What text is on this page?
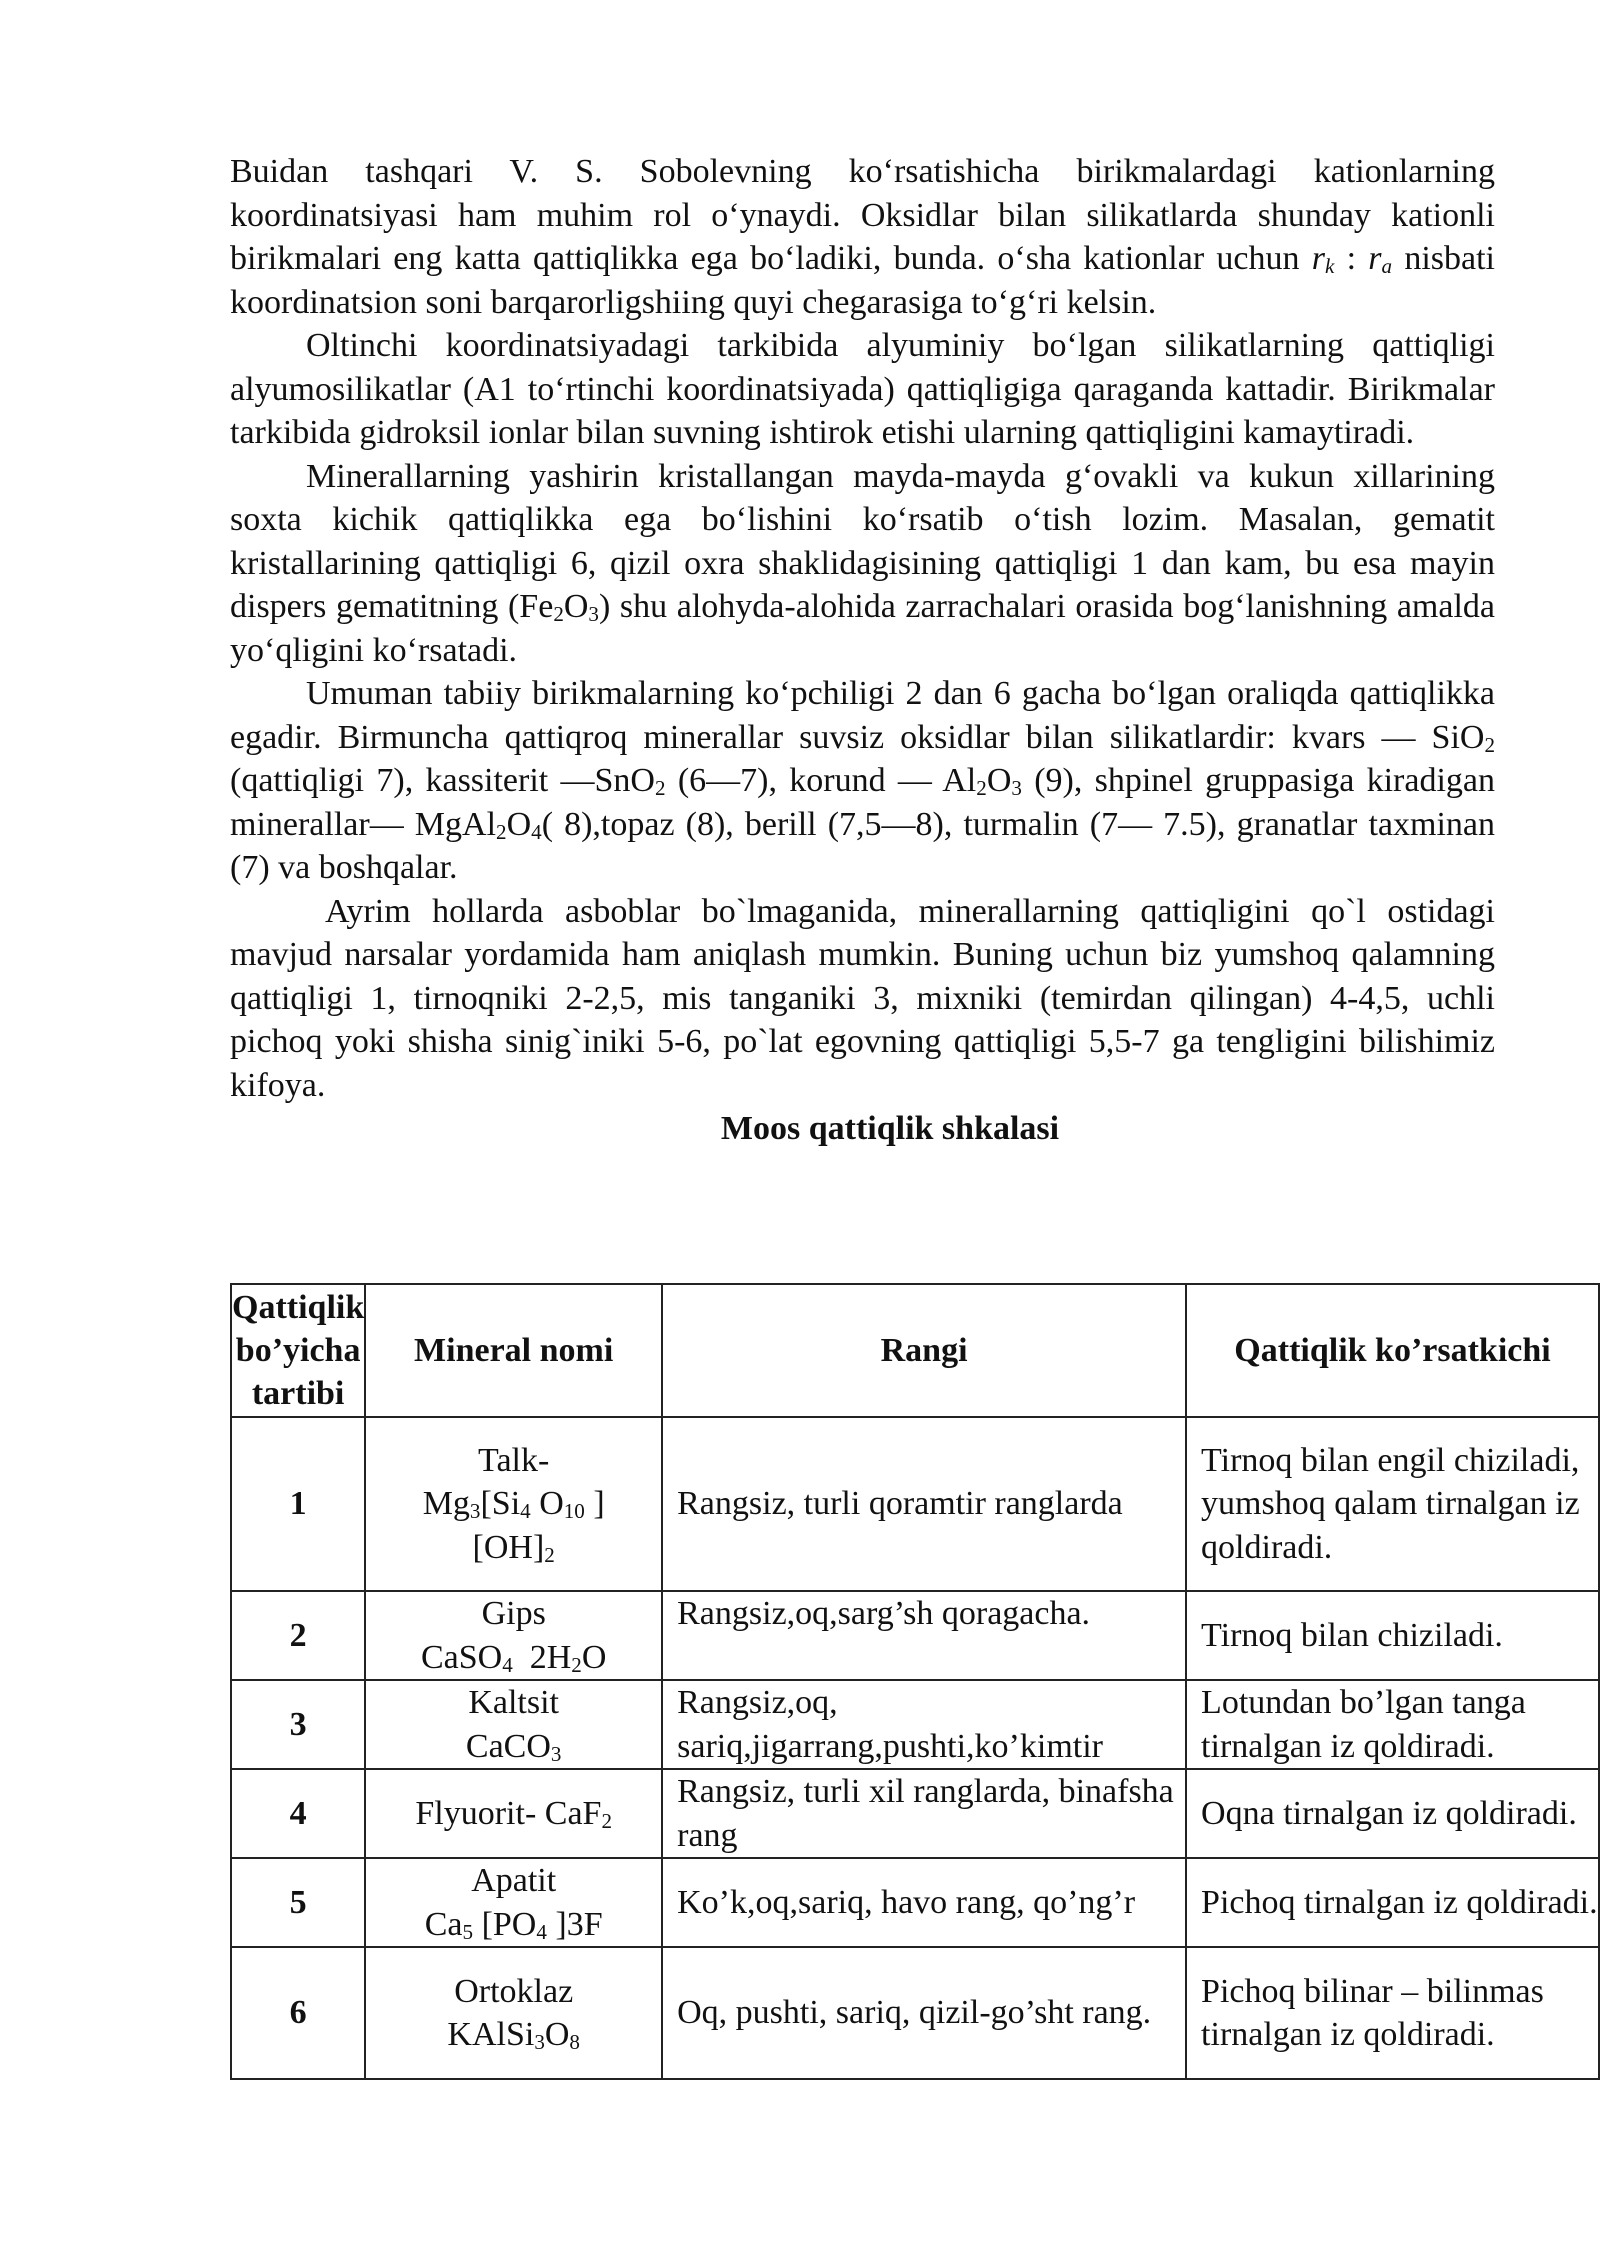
Buidan tashqari V. S. Sobolevning koʻrsatishicha birikmalardagi kationlarning koordinatsiyasi ham muhim rol oʻynaydi. Oksidlar bilan silikatlarda shunday kationli birikmalari eng katta qattiqlikka ega boʻladiki, bunda. oʻsha kationlar uchun $r_k$ : $r_a$ nisbati koordinatsion soni barqarorligshiing quyi chegarasiga toʻgʻri kelsin.

Oltinchi koordinatsiyadagi tarkibida alyuminiy boʻlgan silikatlarning qattiqligi alyumosilikatlar (A1 toʻrtinchi koordinatsiyada) qattiqligiga qaraganda kattadir. Birikmalar tarkibida gidroksil ionlar bilan suvning ishtirok etishi ularning qattiqligini kamaytiradi.

Minerallarning yashirin kristallangan mayda-mayda gʻovakli va kukun xillarining soxta kichik qattiqlikka ega boʻlishini koʻrsatib oʻtish lozim. Masalan, gematit kristallarining qattiqligi 6, qizil oxra shaklidagisining qattiqligi 1 dan kam, bu esa mayin dispers gematitning $(Fe_2O_3)$ shu alohyda-alohida zarrachalari orasida bogʻlanishning amalda yoʻqligini koʻrsatadi.

Umuman tabiiy birikmalarning koʻpchiligi 2 dan 6 gacha boʻlgan oraliqda qattiqlikka egadir. Birmuncha qattiqroq minerallar suvsiz oksidlar bilan silikatlardir: kvars — SiO$_2$ (qattiqligi 7), kassiterit —SnO$_2$ (6—7), korund — $Al_2O_3$ (9), shpinel gruppasiga kiradigan minerallar— $MgAl_2O_4$( 8),topaz (8), berill (7,5—8), turmalin (7— 7.5), granatlar taxminan (7) va boshqalar.

Ayrim hollarda asboblar bo`lmaganida, minerallarning qattiqligini qo`l ostidagi mavjud narsalar yordamida ham aniqlash mumkin. Buning uchun biz yumshoq qalamning qattiqligi 1, tirnoqniki 2-2,5, mis tanganiki 3, mixniki (temirdan qilingan) 4-4,5, uchli pichoq yoki shisha sinig`iniki 5-6, po`lat egovning qattiqligi 5,5-7 ga tengligini bilishimiz kifoya.

Moos qattiqlik shkalasi

Qattiqlik
bo’yicha
tartibi	Mineral nomi	Rangi	Qattiqlik ko’rsatkichi
1	Talk-
$Mg_3[Si_4$ $O_{10}$ ]
$[OH]_2$	Rangsiz, turli qoramtir ranglarda	Tirnoq bilan engil chiziladi, yumshoq qalam tirnalgan iz qoldiradi.
2	Gips
CaSO$_4$  $2H_2O$	Rangsiz,oq,sarg’sh qoragacha.	Tirnoq bilan chiziladi.
3	Kaltsit
CaCO$_3$	Rangsiz,oq, sariq,jigarrang,pushti,ko’kimtir	Lotundan bo’lgan tanga tirnalgan iz qoldiradi.
4	Flyuorit- CaF$_2$	Rangsiz, turli xil ranglarda, binafsha rang	Oqna tirnalgan iz qoldiradi.
5	Apatit
$Ca_5$ [$PO_4$ ]3F	Ko’k,oq,sariq, havo rang, qo’ng’r	Pichoq tirnalgan iz qoldiradi.
6	Ortoklaz
$KAlSi_3O_8$	Oq, pushti, sariq, qizil-go’sht rang.	Pichoq bilinar – bilinmas tirnalgan iz qoldiradi.
